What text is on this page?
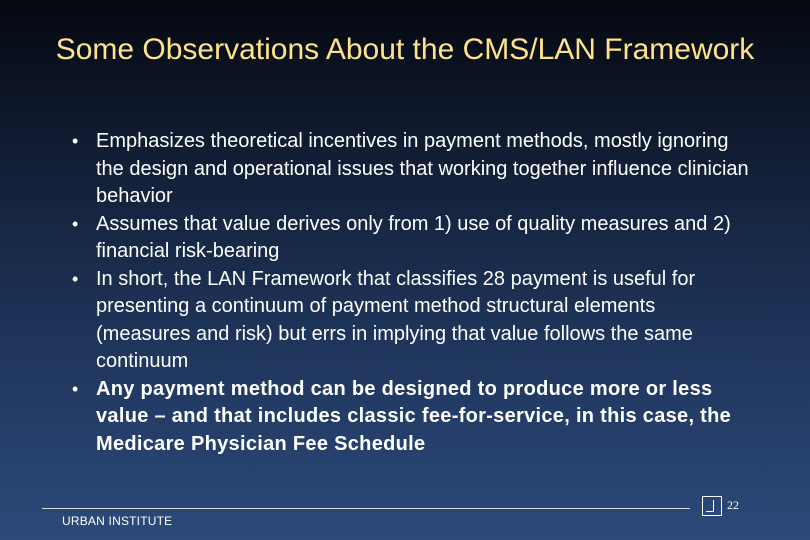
Some Observations About the CMS/LAN Framework
• Emphasizes theoretical incentives in payment methods, mostly ignoring the design and operational issues that working together influence clinician behavior
• Assumes that value derives only from 1) use of quality measures and 2) financial risk-bearing
• In short, the LAN Framework that classifies 28 payment is useful for presenting a continuum of payment method structural elements (measures and risk) but errs in implying that value follows the same continuum
• Any payment method can be designed to produce more or less value – and that includes classic fee-for-service, in this case, the Medicare Physician Fee Schedule
URBAN INSTITUTE
22
